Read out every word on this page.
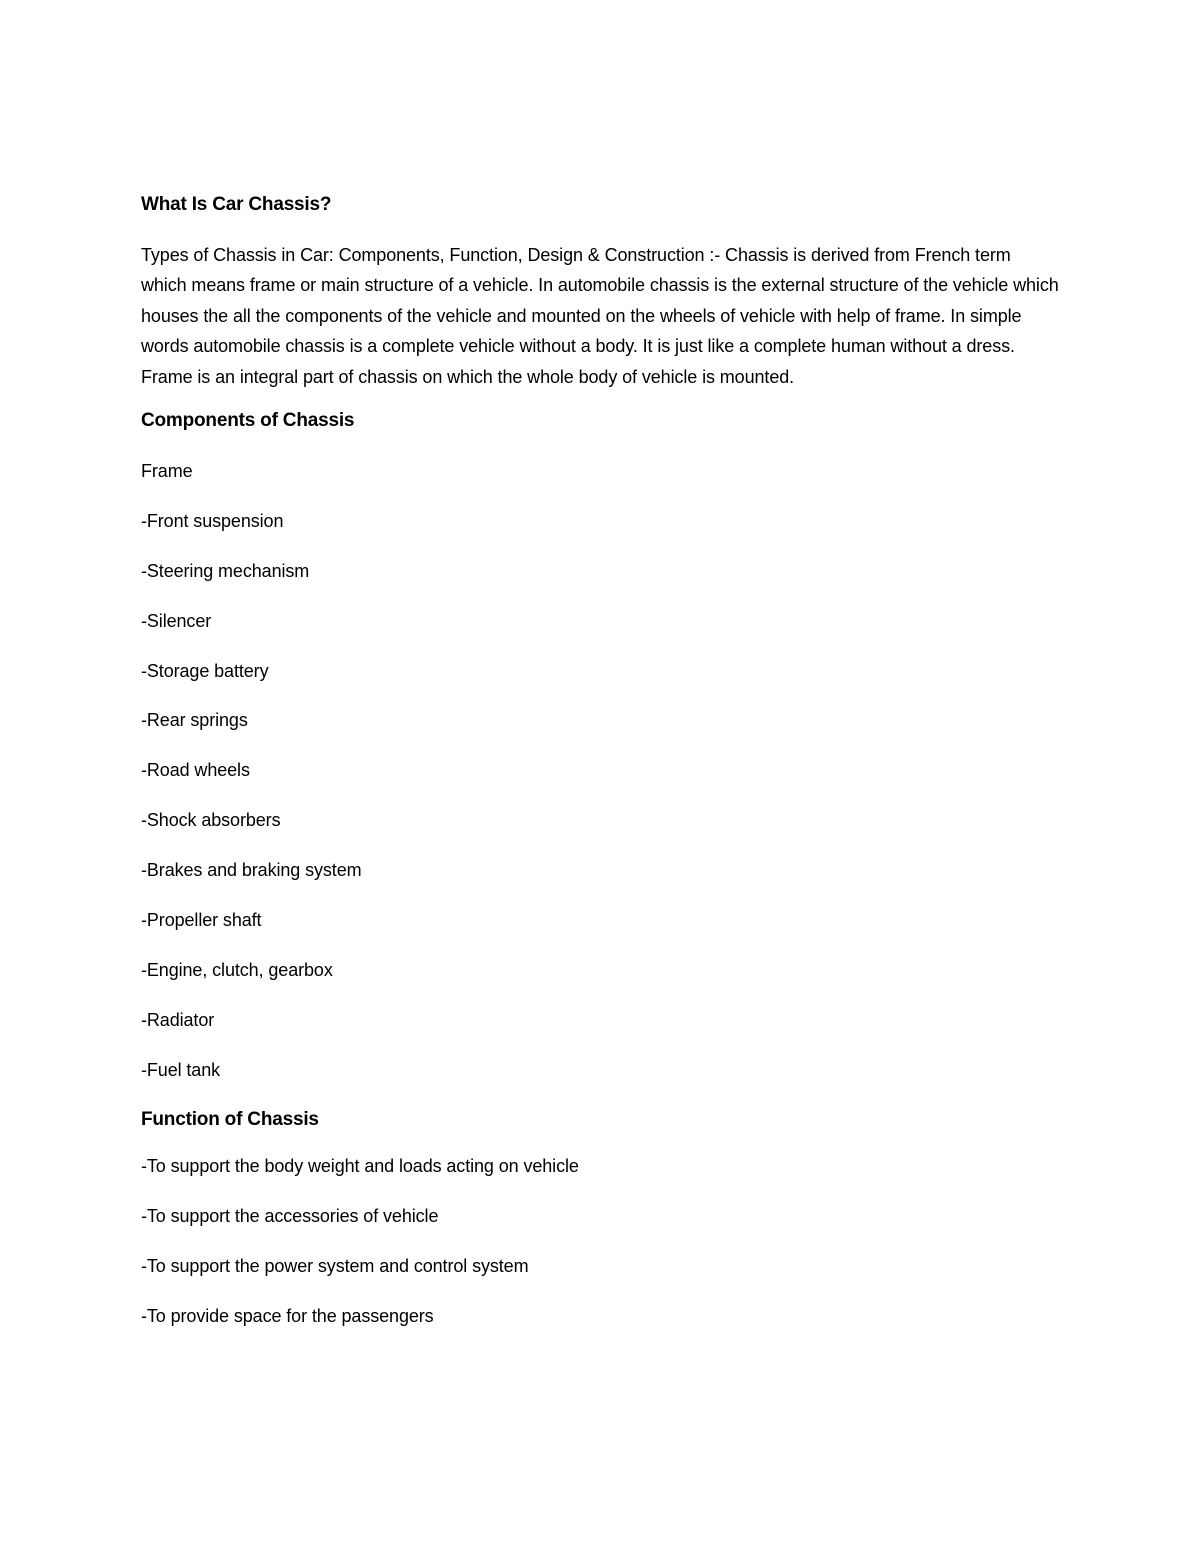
What Is Car Chassis?

Types of Chassis in Car: Components, Function, Design & Construction :- Chassis is derived from French term which means frame or main structure of a vehicle. In automobile chassis is the external structure of the vehicle which houses the all the components of the vehicle and mounted on the wheels of vehicle with help of frame. In simple words automobile chassis is a complete vehicle without a body. It is just like a complete human without a dress. Frame is an integral part of chassis on which the whole body of vehicle is mounted.

Components of Chassis
Frame
-Front suspension
-Steering mechanism
-Silencer
-Storage battery
-Rear springs
-Road wheels
-Shock absorbers
-Brakes and braking system
-Propeller shaft
-Engine, clutch, gearbox
-Radiator
-Fuel tank
Function of Chassis
-To support the body weight and loads acting on vehicle
-To support the accessories of vehicle
-To support the power system and control system
-To provide space for the passengers
